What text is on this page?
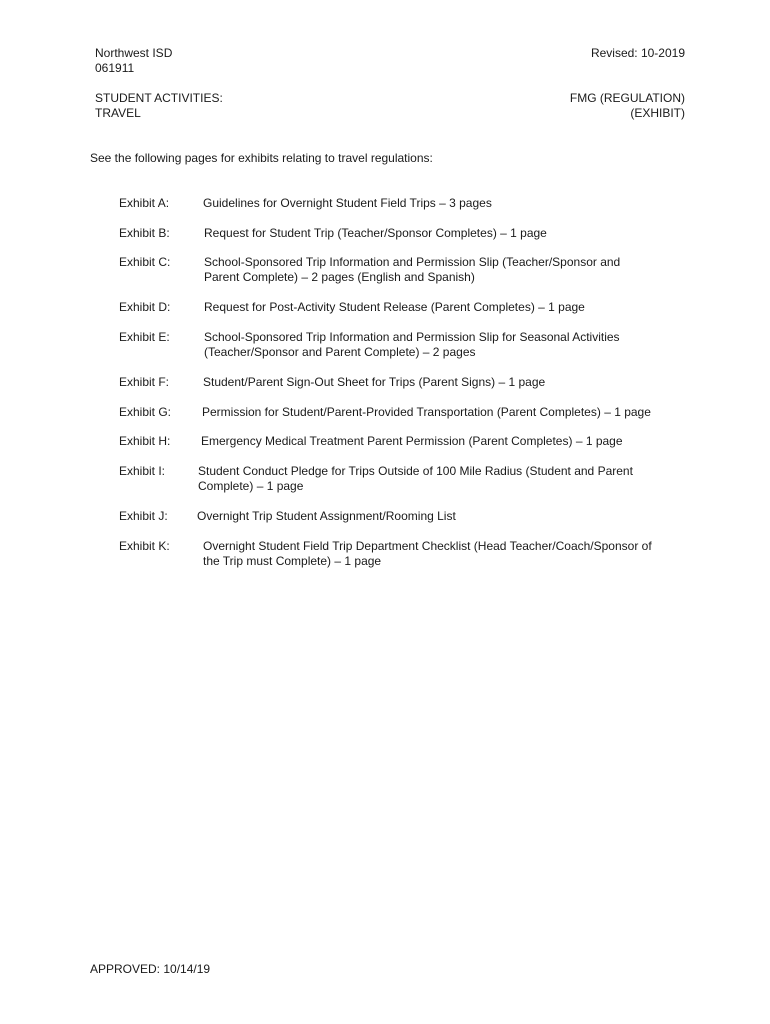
Northwest ISD
061911
Revised: 10-2019
STUDENT ACTIVITIES:
TRAVEL
FMG (REGULATION)
(EXHIBIT)
See the following pages for exhibits relating to travel regulations:
Exhibit A:	Guidelines for Overnight Student Field Trips – 3 pages
Exhibit B:	Request for Student Trip (Teacher/Sponsor Completes) – 1 page
Exhibit C:	School-Sponsored Trip Information and Permission Slip (Teacher/Sponsor and
Parent Complete) – 2 pages (English and Spanish)
Exhibit D:	Request for Post-Activity Student Release (Parent Completes) – 1 page
Exhibit E:	School-Sponsored Trip Information and Permission Slip for Seasonal Activities
(Teacher/Sponsor and Parent Complete) – 2 pages
Exhibit F:	Student/Parent Sign-Out Sheet for Trips (Parent Signs) – 1 page
Exhibit G:	Permission for Student/Parent-Provided Transportation (Parent Completes) – 1 page
Exhibit H:	Emergency Medical Treatment Parent Permission (Parent Completes) – 1 page
Exhibit I:	Student Conduct Pledge for Trips Outside of 100 Mile Radius (Student and Parent
Complete) – 1 page
Exhibit J: Overnight Trip Student Assignment/Rooming List
Exhibit K:	Overnight Student Field Trip Department Checklist (Head Teacher/Coach/Sponsor of
the Trip must Complete) – 1 page
APPROVED: 10/14/19
